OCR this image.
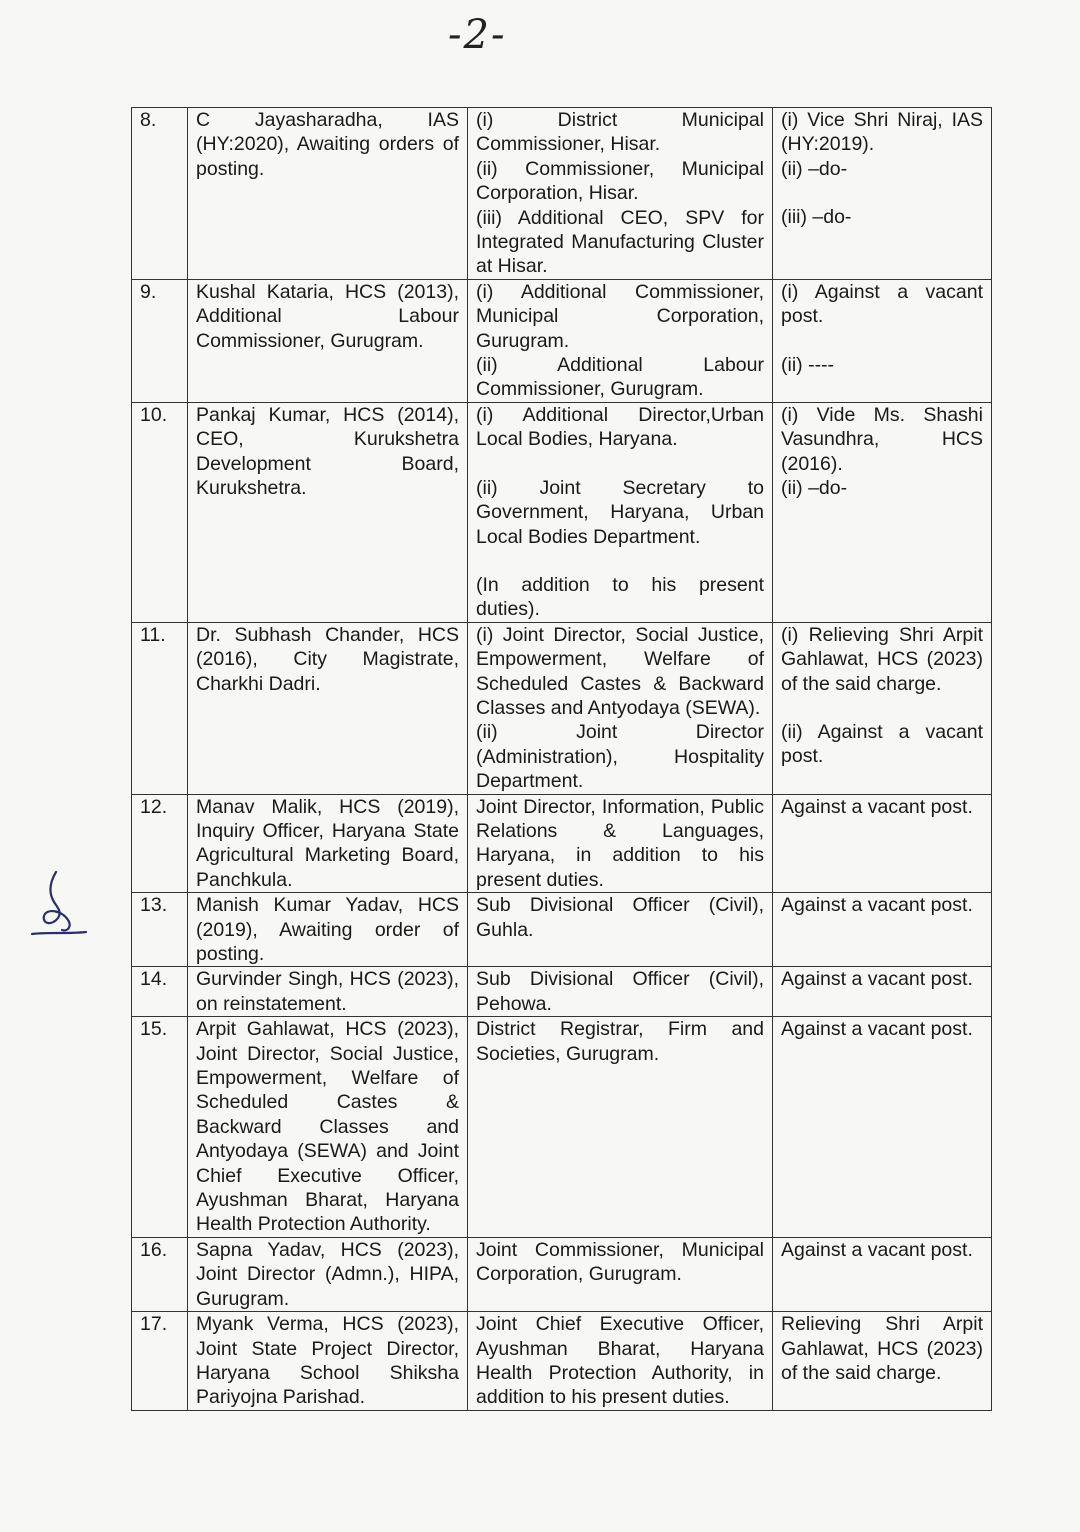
-2-
8.	C Jayasharadha, IAS (HY:2020), Awaiting orders of posting.	(i) District Municipal Commissioner, Hisar.
(ii) Commissioner, Municipal Corporation, Hisar.
(iii) Additional CEO, SPV for Integrated Manufacturing Cluster at Hisar.	(i) Vice Shri Niraj, IAS (HY:2019).
(ii) –do-
(iii) –do-

9.	Kushal Kataria, HCS (2013), Additional Labour Commissioner, Gurugram.	(i) Additional Commissioner, Municipal Corporation, Gurugram.
(ii) Additional Labour Commissioner, Gurugram.	(i) Against a vacant post.
(ii) ----

10.	Pankaj Kumar, HCS (2014), CEO, Kurukshetra Development Board, Kurukshetra.	(i) Additional Director,Urban Local Bodies, Haryana.
(ii) Joint Secretary to Government, Haryana, Urban Local Bodies Department.
(In addition to his present duties).	(i) Vide Ms. Shashi Vasundhra, HCS (2016).
(ii) –do-

11.	Dr. Subhash Chander, HCS (2016), City Magistrate, Charkhi Dadri.	(i) Joint Director, Social Justice, Empowerment, Welfare of Scheduled Castes & Backward Classes and Antyodaya (SEWA).
(ii) Joint Director (Administration), Hospitality Department.	(i) Relieving Shri Arpit Gahlawat, HCS (2023) of the said charge.
(ii) Against a vacant post.

12.	Manav Malik, HCS (2019), Inquiry Officer, Haryana State Agricultural Marketing Board, Panchkula.	Joint Director, Information, Public Relations & Languages, Haryana, in addition to his present duties.	Against a vacant post.
13.	Manish Kumar Yadav, HCS (2019), Awaiting order of posting.	Sub Divisional Officer (Civil), Guhla.	Against a vacant post.
14.	Gurvinder Singh, HCS (2023), on reinstatement.	Sub Divisional Officer (Civil), Pehowa.	Against a vacant post.
15.	Arpit Gahlawat, HCS (2023), Joint Director, Social Justice, Empowerment, Welfare of Scheduled Castes & Backward Classes and Antyodaya (SEWA) and Joint Chief Executive Officer, Ayushman Bharat, Haryana Health Protection Authority.	District Registrar, Firm and Societies, Gurugram.	Against a vacant post.
16.	Sapna Yadav, HCS (2023), Joint Director (Admn.), HIPA, Gurugram.	Joint Commissioner, Municipal Corporation, Gurugram.	Against a vacant post.
17.	Myank Verma, HCS (2023), Joint State Project Director, Haryana School Shiksha Pariyojna Parishad.	Joint Chief Executive Officer, Ayushman Bharat, Haryana Health Protection Authority, in addition to his present duties.	Relieving Shri Arpit Gahlawat, HCS (2023) of the said charge.
